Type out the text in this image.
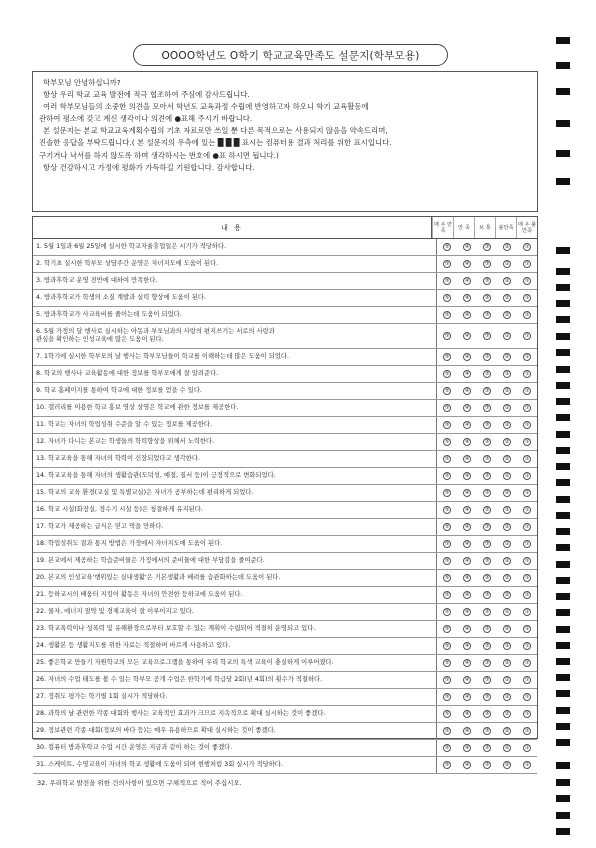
OOOO학년도 O학기 학교교육만족도 설문지(학부모용)
학부모님 안녕하십니까?
항상 우리 학교 교육 발전에 적극 협조하여 주심에 감사드립니다.
여러 학부모님들의 소중한 의견을 모아서 학년도 교육과정 수립에 반영하고자 하오니 학기 교육활동에
관하여 평소에 갖고 계신 생각이나 의견에 ●표해 주시기 바랍니다.
본 설문지는 본교 학교교육계획수립의 기초 자료로만 쓰일 뿐 다른 목적으로는 사용되지 않음을 약속드리며,
진솔한 응답을 부탁드립니다.( 본 설문지의 우측에 있는 █ █ █ 표시는 컴퓨터용 결과 처리를 위한 표시입니다.
구기거나 낙서를 하지 않도록 하며 생각하시는 번호에 ●표 하시면 됩니다.)
항상 건강하시고 가정에 평화가 가득하길 기원합니다. 감사합니다.
내 용	매 우 만 족	만 족	보 통	불만족 매 우 불만족
1. 5월 1일과 6월 25일에 실시한 학교자율휴업일은 시기가 적당하다.	⑤	④	③	②	①
2. 학기초 실시한 학부모 상담주간 운영은 자녀지도에 도움이 된다.	⑤	④	③	②	①
3. 방과후학교 운영 전반에 대하여 만족한다.	⑤	④	③	②	①
4. 방과후학교가 학생의 소질 계발과 실력 향상에 도움이 된다.	⑤	④	③	②	①
5. 방과후학교가 사교육비를 줄이는데 도움이 되었다.	⑤	④	③	②	①
6. 5월 가정의 달 행사로 실시하는 아동과 부모님과의 사랑의 편지쓰기는 서로의 사랑과
관심을 확인하는 인성교육에 많은 도움이 된다.	⑤	④	③	②	①
7. 1학기에 실시한 학부모의 날 행사는 학부모님들이 학교를 이해하는데 많은 도움이 되었다.	⑤	④	③	②	①
8. 학교의 행사나 교육활동에 대한 정보를 학부모에게 잘 알려준다.	⑤	④	③	②	①
9. 학교 홈페이지를 통하여 학교에 대한 정보를 얻을 수 있다.	⑤	④	③	②	①
10. 갤러리를 이용한 학교 홍보 영상 상영은 학교에 관한 정보를 제공한다.	⑤	④	③	②	①
11. 학교는 자녀의 학업성취 수준을 알 수 있는 정보를 제공한다.	⑤	④	③	②	①
12. 자녀가 다니는 본교는 학생들의 학력향상을 위해서 노력한다.	⑤	④	③	②	①
13. 학교교육을 통해 자녀의 학력이 신장되었다고 생각한다.	⑤	④	③	②	①
14. 학교교육을 통해 자녀의 생활습관(도덕성, 예절, 질서 등)이 긍정적으로 변화되었다.	⑤	④	③	②	①
15. 학교의 교육 환경(교실 및 특별교실)은 자녀가 공부하는데 편리하게 되었다.	⑤	④	③	②	①
16. 학교 시설(화장실, 정수기 시설 등)은 청결하게 유지된다.	⑤	④	③	②	①
17. 학교가 제공하는 급식은 믿고 먹을 만하다.	⑤	④	③	②	①
18. 학업성취도 결과 통지 방법은 가정에서 자녀지도에 도움이 된다.	⑤	④	③	②	①
19. 본교에서 제공하는 학습준비물은 가정에서의 준비물에 대한 부담감을 줄여준다.	⑤	④	③	②	①
20. 본교의 인성교육'행위있는 실내생활'은 기본생활과 배려를 습관화하는데 도움이 된다.	⑤	④	③	②	①
21. 등하교시의 배움터 지킴이 활동은 자녀의 안전한 등하교에 도움이 된다.	⑤	④	③	②	①
22. 물자, 에너지 절약 및 경제교육이 잘 이루어지고 있다.	⑤	④	③	②	①
23. 학교폭력이나 성폭력 및 유해환경으로부터 보호할 수 있는 계획이 수립되어 적절히 운영되고 있다.	⑤	④	③	②	①
24. 생활본 등 생활지도를 위한 자료는 적절하며 바르게 사용하고 있다.	⑤	④	③	②	①
25. 좋은학교 만들기 자원학교의 모든 교육프로그램을 통하여 우리 학교의 특색 교육이 충실하게 이루어졌다.	⑤	④	③	②	①
26. 자녀의 수업 태도를 볼 수 있는 학부모 공개 수업은 한학기에 학급당 2회(년 4회)의 횟수가 적절하다.	⑤	④	③	②	①
27. 정취도 평가는 학기별 1회 실시가 적당하다.	⑤	④	③	②	①
28. 과학의 날 관련한 각종 대회와 행사는 교육적인 효과가 크므로 지속적으로 확대 실시하는 것이 좋겠다.	⑤	④	③	②	①
29. 정보관련 각종 대회(정보의 바다 등)는 매우 유용하므로 확대 실시하는 것이 좋겠다.	⑤	④	③	②	①
30. 컴퓨터 방과후학교 수업 시간 운영은 지금과 같이 하는 것이 좋겠다.	⑤	④	③	②	①
31. 스케이트, 수영교육이 자녀의 학교 생활에 도움이 되며 현행처럼 3회 실시가 적당하다.	⑤	④	③	②	①
32. 우리학교 발전을 위한 건의사항이 있으면 구체적으로 적어 주십시오.
